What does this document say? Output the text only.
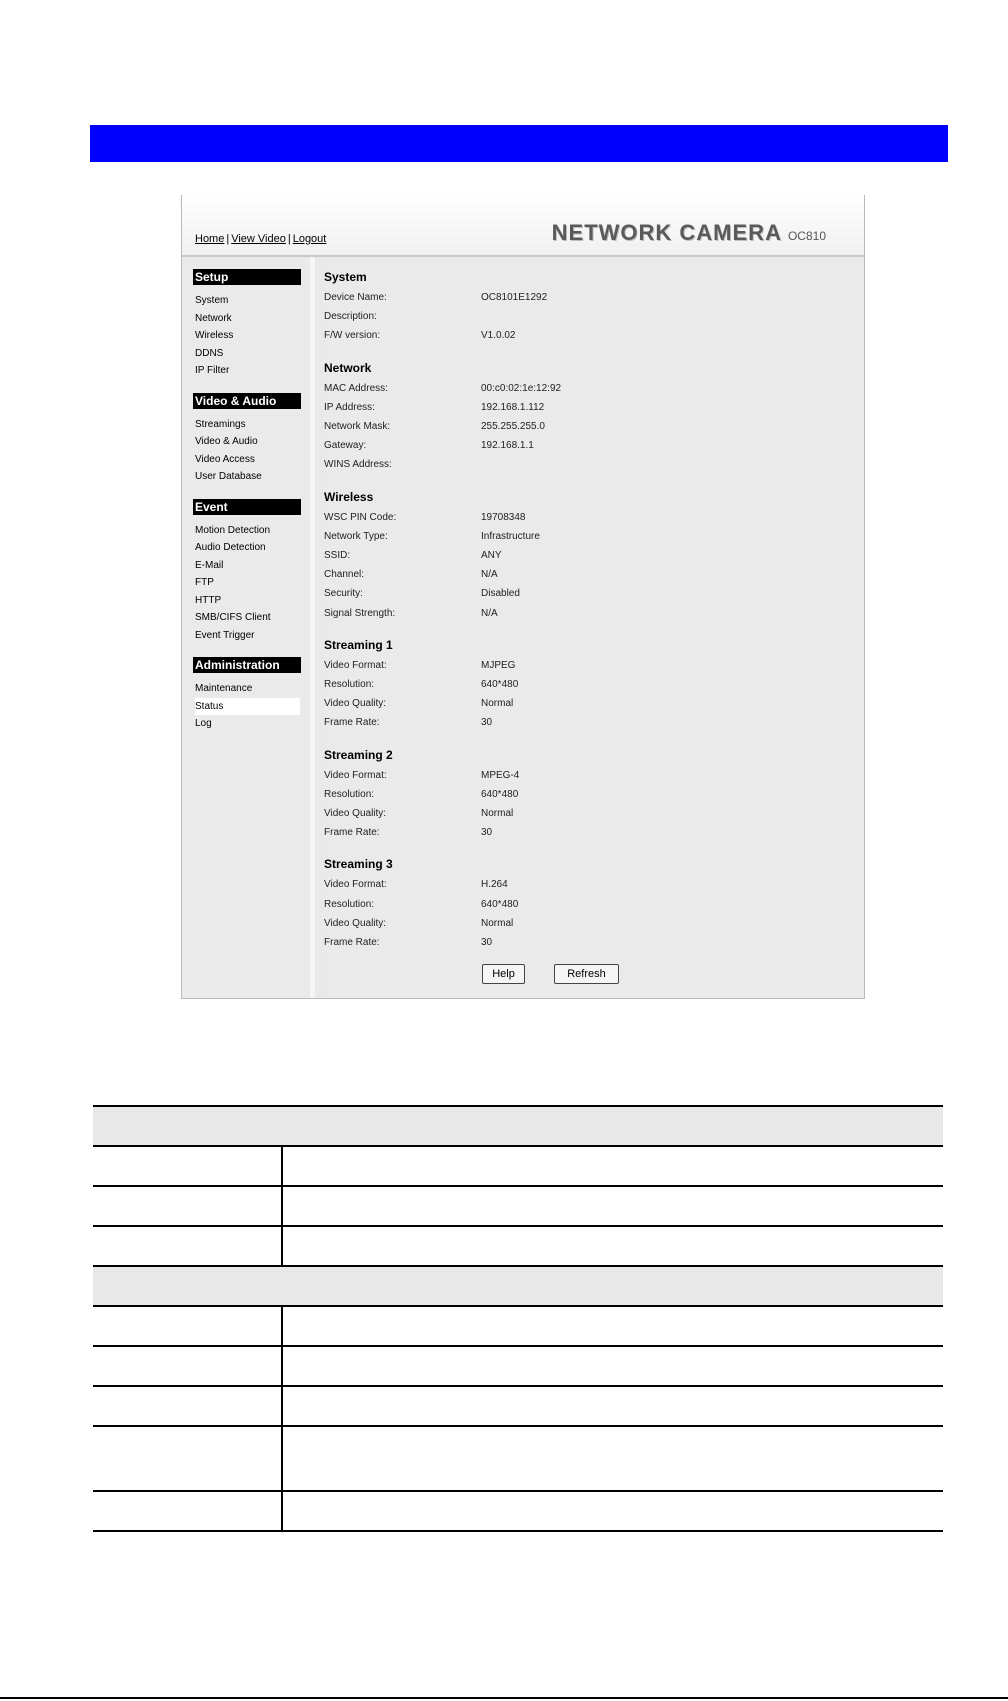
Home | View Video | Logout	NETWORK CAMERA OC810
Setup
System
Network
Wireless
DDNS
IP Filter
Video & Audio
Streamings
Video & Audio
Video Access
User Database
Event
Motion Detection
Audio Detection
E-Mail
FTP
HTTP
SMB/CIFS Client
Event Trigger
Administration
Maintenance
Status
Log
System
Device Name:	OC8101E1292
Description:
F/W version:	V1.0.02
Network
MAC Address:	00:c0:02:1e:12:92
IP Address:	192.168.1.112
Network Mask:	255.255.255.0
Gateway:	192.168.1.1
WINS Address:
Wireless
WSC PIN Code:	19708348
Network Type:	Infrastructure
SSID:	ANY
Channel:	N/A
Security:	Disabled
Signal Strength:	N/A
Streaming 1
Video Format:	MJPEG
Resolution:	640*480
Video Quality:	Normal
Frame Rate:	30
Streaming 2
Video Format:	MPEG-4
Resolution:	640*480
Video Quality:	Normal
Frame Rate:	30
Streaming 3
Video Format:	H.264
Resolution:	640*480
Video Quality:	Normal
Frame Rate:	30
Help	Refresh
